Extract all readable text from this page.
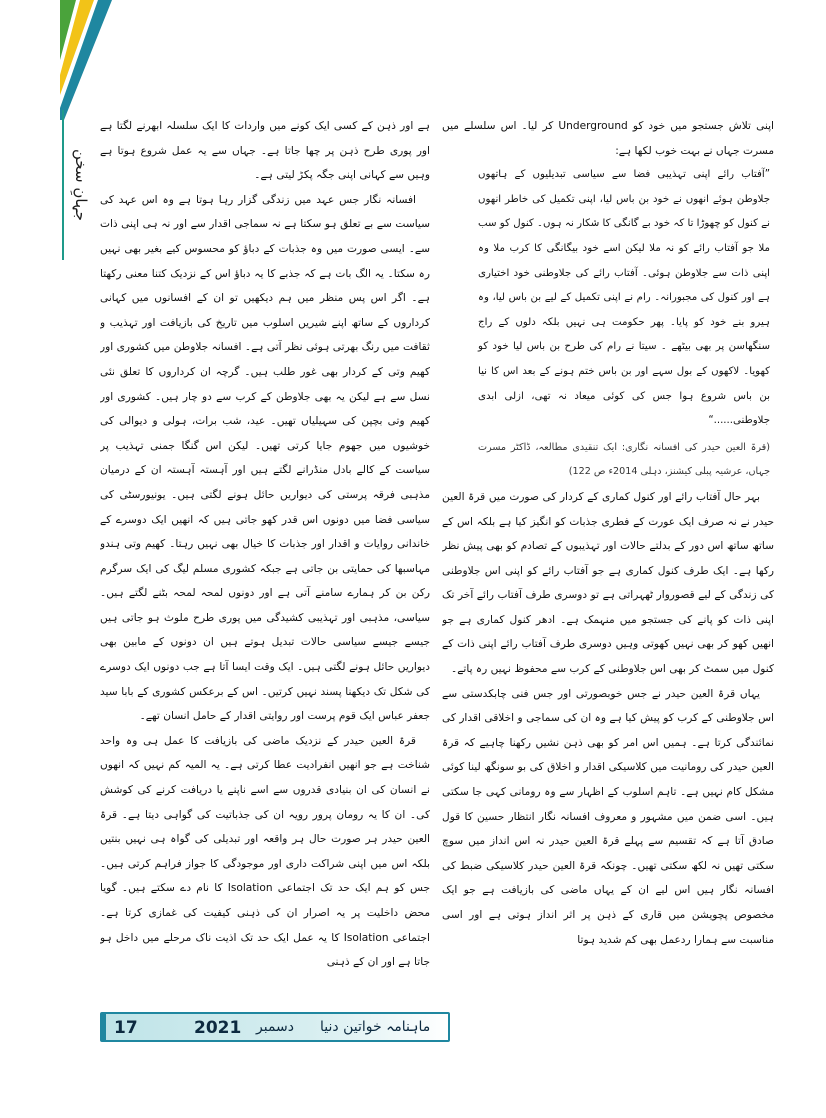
جہانِ سخن

اپنی تلاش جستجو میں خود کو Underground کر لیا۔ اس سلسلے میں مسرت جہاں نے بہت خوب لکھا ہے:

”آفتاب رائے اپنی تہذیبی فضا سے سیاسی تبدیلیوں کے ہاتھوں جلاوطن ہوئے انھوں نے خود بن باس لیا، اپنی تکمیل کی خاطر انھوں نے کنول کو چھوڑا تا کہ خود بے گانگی کا شکار نہ ہوں۔ کنول کو سب ملا جو آفتاب رائے کو نہ ملا لیکن اسے خود بیگانگی کا کرب ملا وہ اپنی ذات سے جلاوطن ہوئی۔ آفتاب رائے کی جلاوطنی خود اختیاری ہے اور کنول کی مجبورانہ۔ رام نے اپنی تکمیل کے لیے بن باس لیا، وہ ہیرو بنے خود کو پایا۔ پھر حکومت ہی نہیں بلکہ دلوں کے راج سنگھاسن پر بھی بیٹھے ۔ سیتا نے رام کی طرح بن باس لیا خود کو کھویا۔ لاکھوں کے بول سہے اور بن باس ختم ہونے کے بعد اس کا نیا بن باس شروع ہوا جس کی کوئی میعاد نہ تھی، ازلی ابدی جلاوطنی......“

(قرۃ العین حیدر کی افسانہ نگاری: ایک تنقیدی مطالعہ، ڈاکٹر مسرت جہاں، عرشیہ پبلی کیشنز، دہلی 2014ء ص 122)

بہر حال آفتاب رائے اور کنول کماری کے کردار کی صورت میں قرۃ العین حیدر نے نہ صرف ایک عورت کے فطری جذبات کو انگیز کیا ہے بلکہ اس کے ساتھ ساتھ اس دور کے بدلتے حالات اور تہذیبوں کے تصادم کو بھی پیش نظر رکھا ہے۔ ایک طرف کنول کماری ہے جو آفتاب رائے کو اپنی اس جلاوطنی کی زندگی کے لیے قصوروار ٹھہراتی ہے تو دوسری طرف آفتاب رائے آخر تک اپنی ذات کو پانے کی جستجو میں منہمک ہے۔ ادھر کنول کماری ہے جو انھیں کھو کر بھی نہیں کھوتی وہیں دوسری طرف آفتاب رائے اپنی ذات کے کنول میں سمٹ کر بھی اس جلاوطنی کے کرب سے محفوظ نہیں رہ پاتے۔

یہاں قرۃ العین حیدر نے جس خوبصورتی اور جس فنی چابکدستی سے اس جلاوطنی کے کرب کو پیش کیا ہے وہ ان کی سماجی و اخلاقی اقدار کی نمائندگی کرتا ہے۔ ہمیں اس امر کو بھی ذہن نشیں رکھنا چاہیے کہ قرۃ العین حیدر کی رومانیت میں کلاسیکی اقدار و اخلاق کی بو سونگھ لینا کوئی مشکل کام نہیں ہے۔ تاہم اسلوب کے اظہار سے وہ رومانی کہی جا سکتی ہیں۔ اسی ضمن میں مشہور و معروف افسانہ نگار انتظار حسین کا قول صادق آتا ہے کہ تقسیم سے پہلے قرۃ العین حیدر نہ اس انداز میں سوچ سکتی تھیں نہ لکھ سکتی تھیں۔ چونکہ قرۃ العین حیدر کلاسیکی ضبط کی افسانہ نگار ہیں اس لیے ان کے یہاں ماضی کی بازیافت ہے جو ایک مخصوص پچویشن میں قاری کے ذہن پر اثر انداز ہوتی ہے اور اسی مناسبت سے ہمارا ردعمل بھی کم شدید ہوتا

ہے اور ذہن کے کسی ایک کونے میں واردات کا ایک سلسلہ ابھرنے لگتا ہے اور پوری طرح ذہن پر چھا جاتا ہے۔ جہاں سے یہ عمل شروع ہوتا ہے وہیں سے کہانی اپنی جگہ پکڑ لیتی ہے۔

افسانہ نگار جس عہد میں زندگی گزار رہا ہوتا ہے وہ اس عہد کی سیاست سے بے تعلق ہو سکتا ہے نہ سماجی اقدار سے اور نہ ہی اپنی ذات سے۔ ایسی صورت میں وہ جذبات کے دباؤ کو محسوس کیے بغیر بھی نہیں رہ سکتا۔ یہ الگ بات ہے کہ جذبے کا یہ دباؤ اس کے نزدیک کتنا معنی رکھتا ہے۔ اگر اس پس منظر میں ہم دیکھیں تو ان کے افسانوں میں کہانی کرداروں کے ساتھ اپنے شیریں اسلوب میں تاریخ کی بازیافت اور تہذیب و ثقافت میں رنگ بھرتی ہوئی نظر آتی ہے۔ افسانہ جلاوطن میں کشوری اور کھیم وتی کے کردار بھی غور طلب ہیں۔ گرچہ ان کرداروں کا تعلق نئی نسل سے ہے لیکن یہ بھی جلاوطن کے کرب سے دو چار ہیں۔ کشوری اور کھیم وتی بچپن کی سہیلیاں تھیں۔ عید، شب برات، ہولی و دیوالی کی خوشیوں میں جھوم جایا کرتی تھیں۔ لیکن اس گنگا جمنی تہذیب پر سیاست کے کالے بادل منڈرانے لگتے ہیں اور آہستہ آہستہ ان کے درمیان مذہبی فرقہ پرستی کی دیواریں حائل ہونے لگتی ہیں۔ یونیورسٹی کی سیاسی فضا میں دونوں اس قدر کھو جاتی ہیں کہ انھیں ایک دوسرے کے خاندانی روایات و اقدار اور جذبات کا خیال بھی نہیں رہتا۔ کھیم وتی ہندو مہاسبھا کی حمایتی بن جاتی ہے جبکہ کشوری مسلم لیگ کی ایک سرگرم رکن بن کر ہمارے سامنے آتی ہے اور دونوں لمحہ لمحہ بٹنے لگتے ہیں۔ سیاسی، مذہبی اور تہذیبی کشیدگی میں پوری طرح ملوث ہو جاتی ہیں جیسے جیسے سیاسی حالات تبدیل ہوتے ہیں ان دونوں کے مابین بھی دیواریں حائل ہونے لگتی ہیں۔ ایک وقت ایسا آتا ہے جب دونوں ایک دوسرے کی شکل تک دیکھنا پسند نہیں کرتیں۔ اس کے برعکس کشوری کے بابا سید جعفر عباس ایک قوم پرست اور روایتی اقدار کے حامل انسان تھے۔

قرۃ العین حیدر کے نزدیک ماضی کی بازیافت کا عمل ہی وہ واحد شناخت ہے جو انھیں انفرادیت عطا کرتی ہے۔ یہ المیہ کم نہیں کہ انھوں نے انسان کی ان بنیادی قدروں سے اسے ناپنے یا دریافت کرنے کی کوشش کی۔ ان کا یہ رومان پرور رویہ ان کی جذباتیت کی گواہی دیتا ہے۔ قرۃ العین حیدر ہر صورت حال ہر واقعہ اور تبدیلی کی گواہ ہی نہیں بنتیں بلکہ اس میں اپنی شراکت داری اور موجودگی کا جواز فراہم کرتی ہیں۔ جس کو ہم ایک حد تک اجتماعی Isolation کا نام دے سکتے ہیں۔ گویا محض داخلیت پر یہ اصرار ان کی ذہنی کیفیت کی غمازی کرتا ہے۔ اجتماعی Isolation کا یہ عمل ایک حد تک اذیت ناک مرحلے میں داخل ہو جاتا ہے اور ان کے ذہنی

17	2021 دسمبر ماہنامہ خواتین دنیا
